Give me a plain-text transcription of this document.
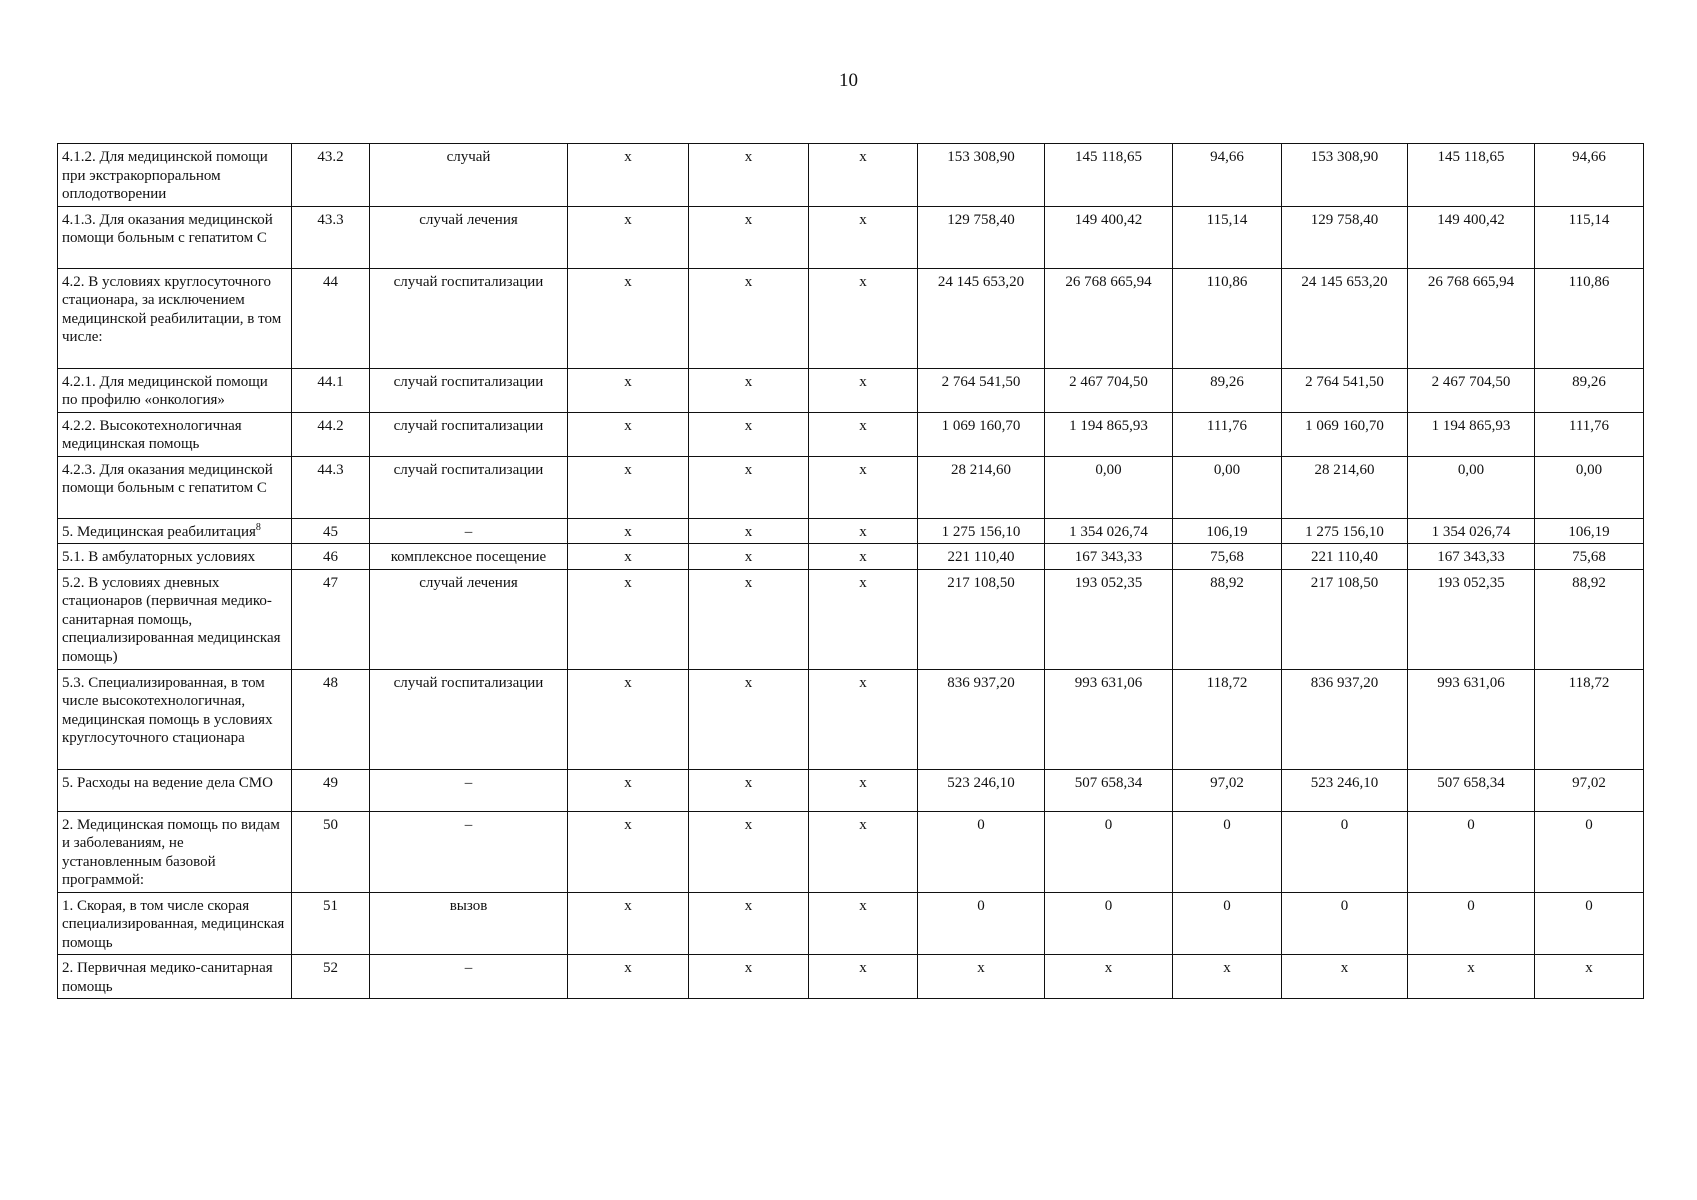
10
4.1.2. Для медицинской помощи при экстракорпоральном оплодотворении	43.2	случай	х	х	х	153 308,90	145 118,65	94,66	153 308,90	145 118,65	94,66
4.1.3. Для оказания медицинской помощи больным с гепатитом С	43.3	случай лечения	х	х	х	129 758,40	149 400,42	115,14	129 758,40	149 400,42	115,14
4.2. В условиях круглосуточного стационара, за исключением медицинской реабилитации, в том числе:	44	случай госпитализации	х	х	х	24 145 653,20	26 768 665,94	110,86	24 145 653,20	26 768 665,94	110,86
4.2.1. Для медицинской помощи по профилю «онкология»	44.1	случай госпитализации	х	х	х	2 764 541,50	2 467 704,50	89,26	2 764 541,50	2 467 704,50	89,26
4.2.2. Высокотехнологичная медицинская помощь	44.2	случай госпитализации	х	х	х	1 069 160,70	1 194 865,93	111,76	1 069 160,70	1 194 865,93	111,76
4.2.3. Для оказания медицинской помощи больным с гепатитом С	44.3	случай госпитализации	х	х	х	28 214,60	0,00	0,00	28 214,60	0,00	0,00
5. Медицинская реабилитация$^8$	45	–	х	х	х	1 275 156,10	1 354 026,74	106,19	1 275 156,10	1 354 026,74	106,19
5.1. В амбулаторных условиях	46	комплексное посещение	х	х	х	221 110,40	167 343,33	75,68	221 110,40	167 343,33	75,68
5.2. В условиях дневных стационаров (первичная медико-санитарная помощь, специализированная медицинская помощь)	47	случай лечения	х	х	х	217 108,50	193 052,35	88,92	217 108,50	193 052,35	88,92
5.3. Специализированная, в том числе высокотехнологичная, медицинская помощь в условиях круглосуточного стационара	48	случай госпитализации	х	х	х	836 937,20	993 631,06	118,72	836 937,20	993 631,06	118,72
5. Расходы на ведение дела СМО	49	–	х	х	х	523 246,10	507 658,34	97,02	523 246,10	507 658,34	97,02
2. Медицинская помощь по видам и заболеваниям, не установленным базовой программой:	50	–	х	х	х	0	0	0	0	0	0
1. Скорая, в том числе скорая специализированная, медицинская помощь	51	вызов	х	х	х	0	0	0	0	0	0
2. Первичная медико-санитарная помощь	52	–	х	х	х	х	х	х	х	х	х
